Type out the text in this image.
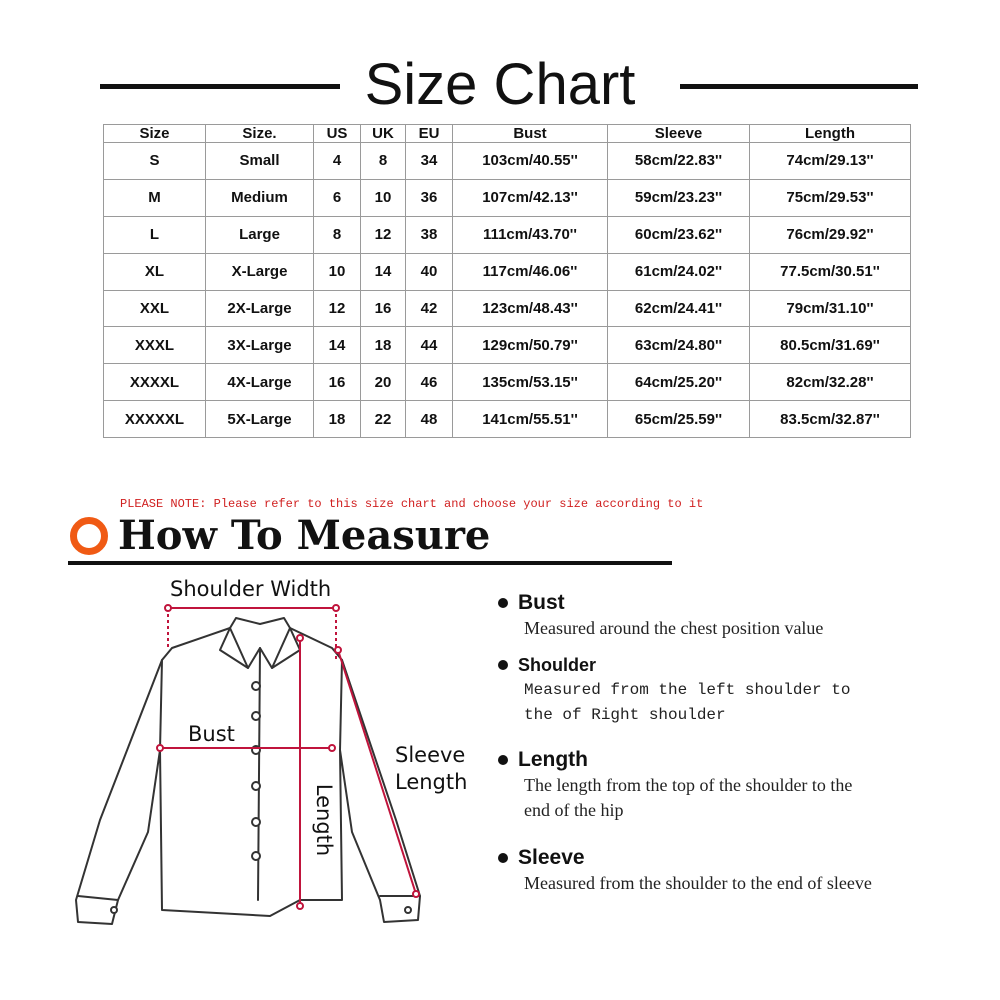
Size Chart
Size	Size.	US	UK	EU	Bust	Sleeve	Length
S	Small	4	8	34	103cm/40.55''	58cm/22.83''	74cm/29.13''
M	Medium	6	10	36	107cm/42.13''	59cm/23.23''	75cm/29.53''
L	Large	8	12	38	111cm/43.70''	60cm/23.62''	76cm/29.92''
XL	X-Large	10	14	40	117cm/46.06''	61cm/24.02''	77.5cm/30.51''
XXL	2X-Large	12	16	42	123cm/48.43''	62cm/24.41''	79cm/31.10''
XXXL	3X-Large	14	18	44	129cm/50.79''	63cm/24.80''	80.5cm/31.69''
XXXXL	4X-Large	16	20	46	135cm/53.15''	64cm/25.20''	82cm/32.28''
XXXXXL	5X-Large	18	22	48	141cm/55.51''	65cm/25.59''	83.5cm/32.87''
PLEASE NOTE: Please refer to this size chart and choose your size according to it
How To Measure
Shoulder Width
Bust
Sleeve
Length
Length
Bust
Measured around the chest position value
Shoulder
Measured from the left shoulder to the of Right shoulder
Length
The length from the top of the shoulder to the end of the hip
Sleeve
Measured from the shoulder to the end of sleeve
